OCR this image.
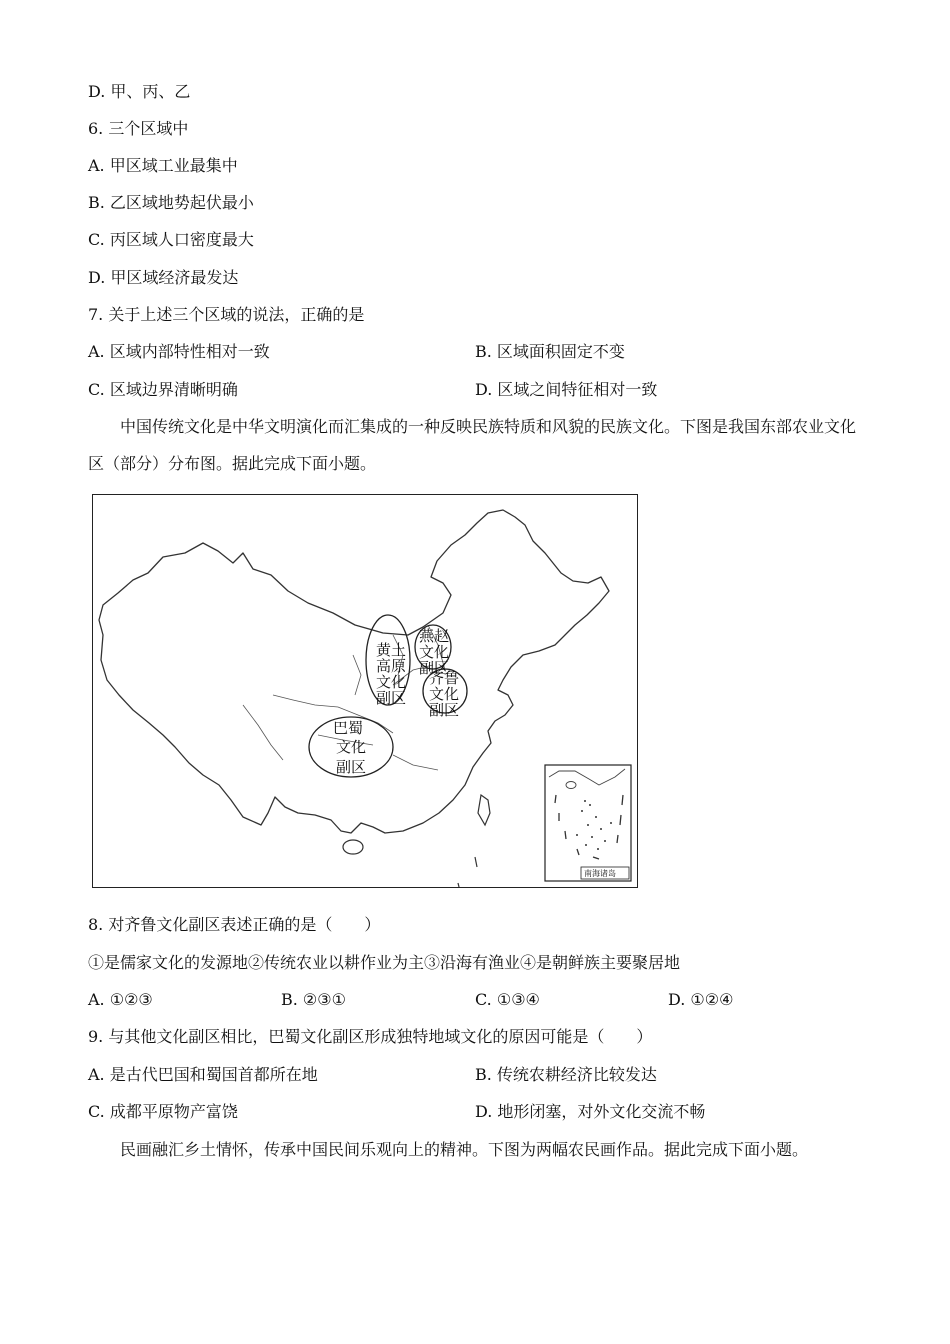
D. 甲、丙、乙
6. 三个区域中
A. 甲区域工业最集中
B. 乙区域地势起伏最小
C. 丙区域人口密度最大
D. 甲区域经济最发达
7. 关于上述三个区域的说法，正确的是
A. 区域内部特性相对一致	B. 区域面积固定不变
C. 区域边界清晰明确	D. 区域之间特征相对一致
中国传统文化是中华文明演化而汇集成的一种反映民族特质和风貌的民族文化。下图是我国东部农业文化区（部分）分布图。据此完成下面小题。
黄土
高原
文化
副区
燕赵
文化
副区
齐鲁
文化
副区
巴蜀
文化
副区
南海诸岛
8. 对齐鲁文化副区表述正确的是（　　）
①是儒家文化的发源地②传统农业以耕作业为主③沿海有渔业④是朝鲜族主要聚居地
A. ①②③	B. ②③①	C. ①③④	D. ①②④
9. 与其他文化副区相比，巴蜀文化副区形成独特地域文化的原因可能是（　　）
A. 是古代巴国和蜀国首都所在地	B. 传统农耕经济比较发达
C. 成都平原物产富饶	D. 地形闭塞，对外文化交流不畅
民画融汇乡土情怀，传承中国民间乐观向上的精神。下图为两幅农民画作品。据此完成下面小题。
